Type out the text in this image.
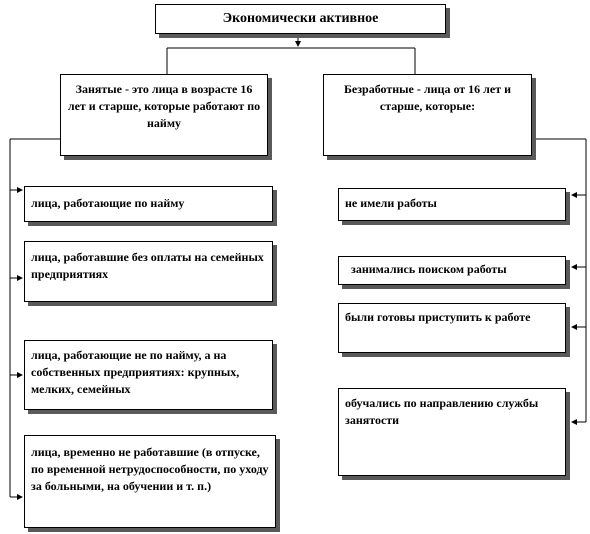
Экономически активное
Занятые - это лица в возрасте 16 лет и старше, которые работают по найму
Безработные - лица от 16 лет и старше, которые:
лица, работающие по найму
лица, работавшие без оплаты на семейных предприятиях
лица, работающие не по найму, а на собственных предприятиях: крупных, мелких, семейных
лица, временно не работавшие (в отпуске, по временной нетрудоспособности, по уходу за больными, на обучении и т. п.)
не имели работы
занимались поиском работы
были готовы приступить к работе
обучались по направлению службы занятости
